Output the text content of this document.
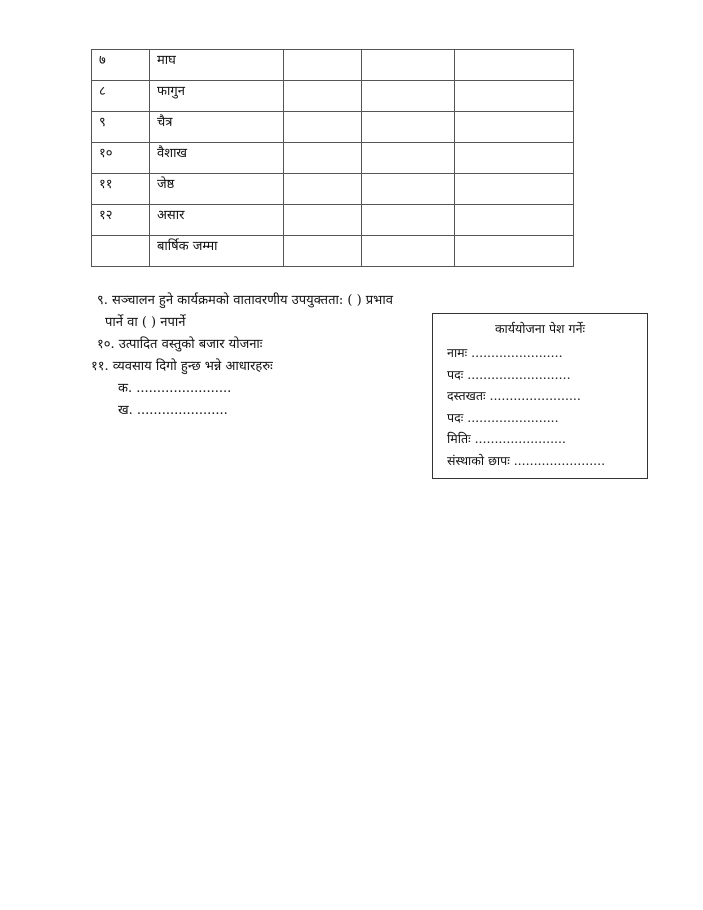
७	माघ			
८	फागुन			
९	चैत्र			
१०	वैशाख			
११	जेष्ठ			
१२	असार			
	बार्षिक जम्मा			
९. सञ्चालन हुने कार्यक्रमको वातावरणीय उपयुक्तता: ( ) प्रभाव
पार्ने वा ( ) नपार्ने
१०. उत्पादित वस्तुको बजार योजनाः
११. व्यवसाय दिगो हुन्छ भन्ने आधारहरुः
क. .......................
ख. ......................
कार्ययोजना पेश गर्नेः
नामः .......................
पदः ..........................
दस्तखतः .......................
पदः .......................
मितिः .......................
संस्थाको छापः .......................
